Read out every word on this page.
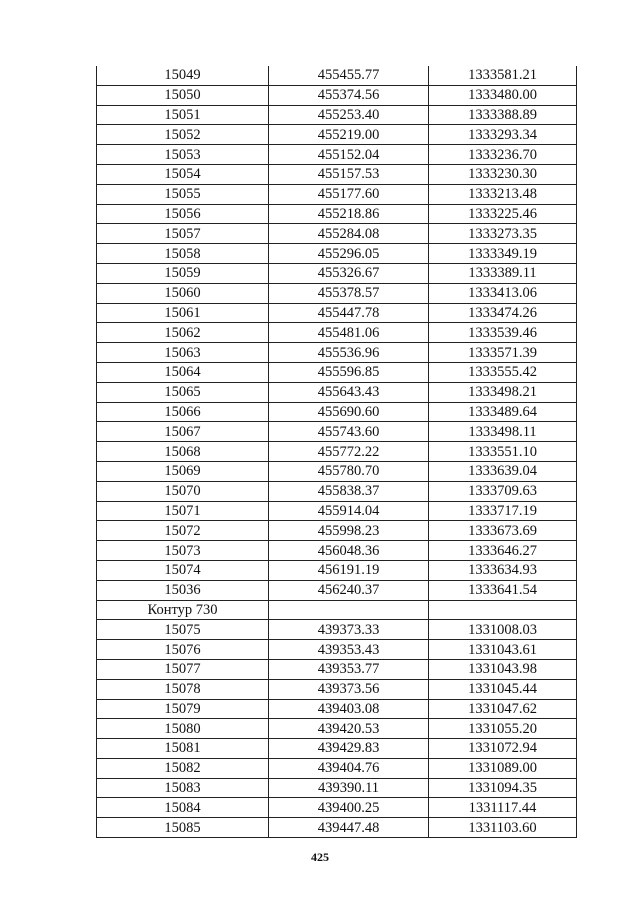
15049	455455.77	1333581.21
15050	455374.56	1333480.00
15051	455253.40	1333388.89
15052	455219.00	1333293.34
15053	455152.04	1333236.70
15054	455157.53	1333230.30
15055	455177.60	1333213.48
15056	455218.86	1333225.46
15057	455284.08	1333273.35
15058	455296.05	1333349.19
15059	455326.67	1333389.11
15060	455378.57	1333413.06
15061	455447.78	1333474.26
15062	455481.06	1333539.46
15063	455536.96	1333571.39
15064	455596.85	1333555.42
15065	455643.43	1333498.21
15066	455690.60	1333489.64
15067	455743.60	1333498.11
15068	455772.22	1333551.10
15069	455780.70	1333639.04
15070	455838.37	1333709.63
15071	455914.04	1333717.19
15072	455998.23	1333673.69
15073	456048.36	1333646.27
15074	456191.19	1333634.93
15036	456240.37	1333641.54
Контур 730		
15075	439373.33	1331008.03
15076	439353.43	1331043.61
15077	439353.77	1331043.98
15078	439373.56	1331045.44
15079	439403.08	1331047.62
15080	439420.53	1331055.20
15081	439429.83	1331072.94
15082	439404.76	1331089.00
15083	439390.11	1331094.35
15084	439400.25	1331117.44
15085	439447.48	1331103.60
425
